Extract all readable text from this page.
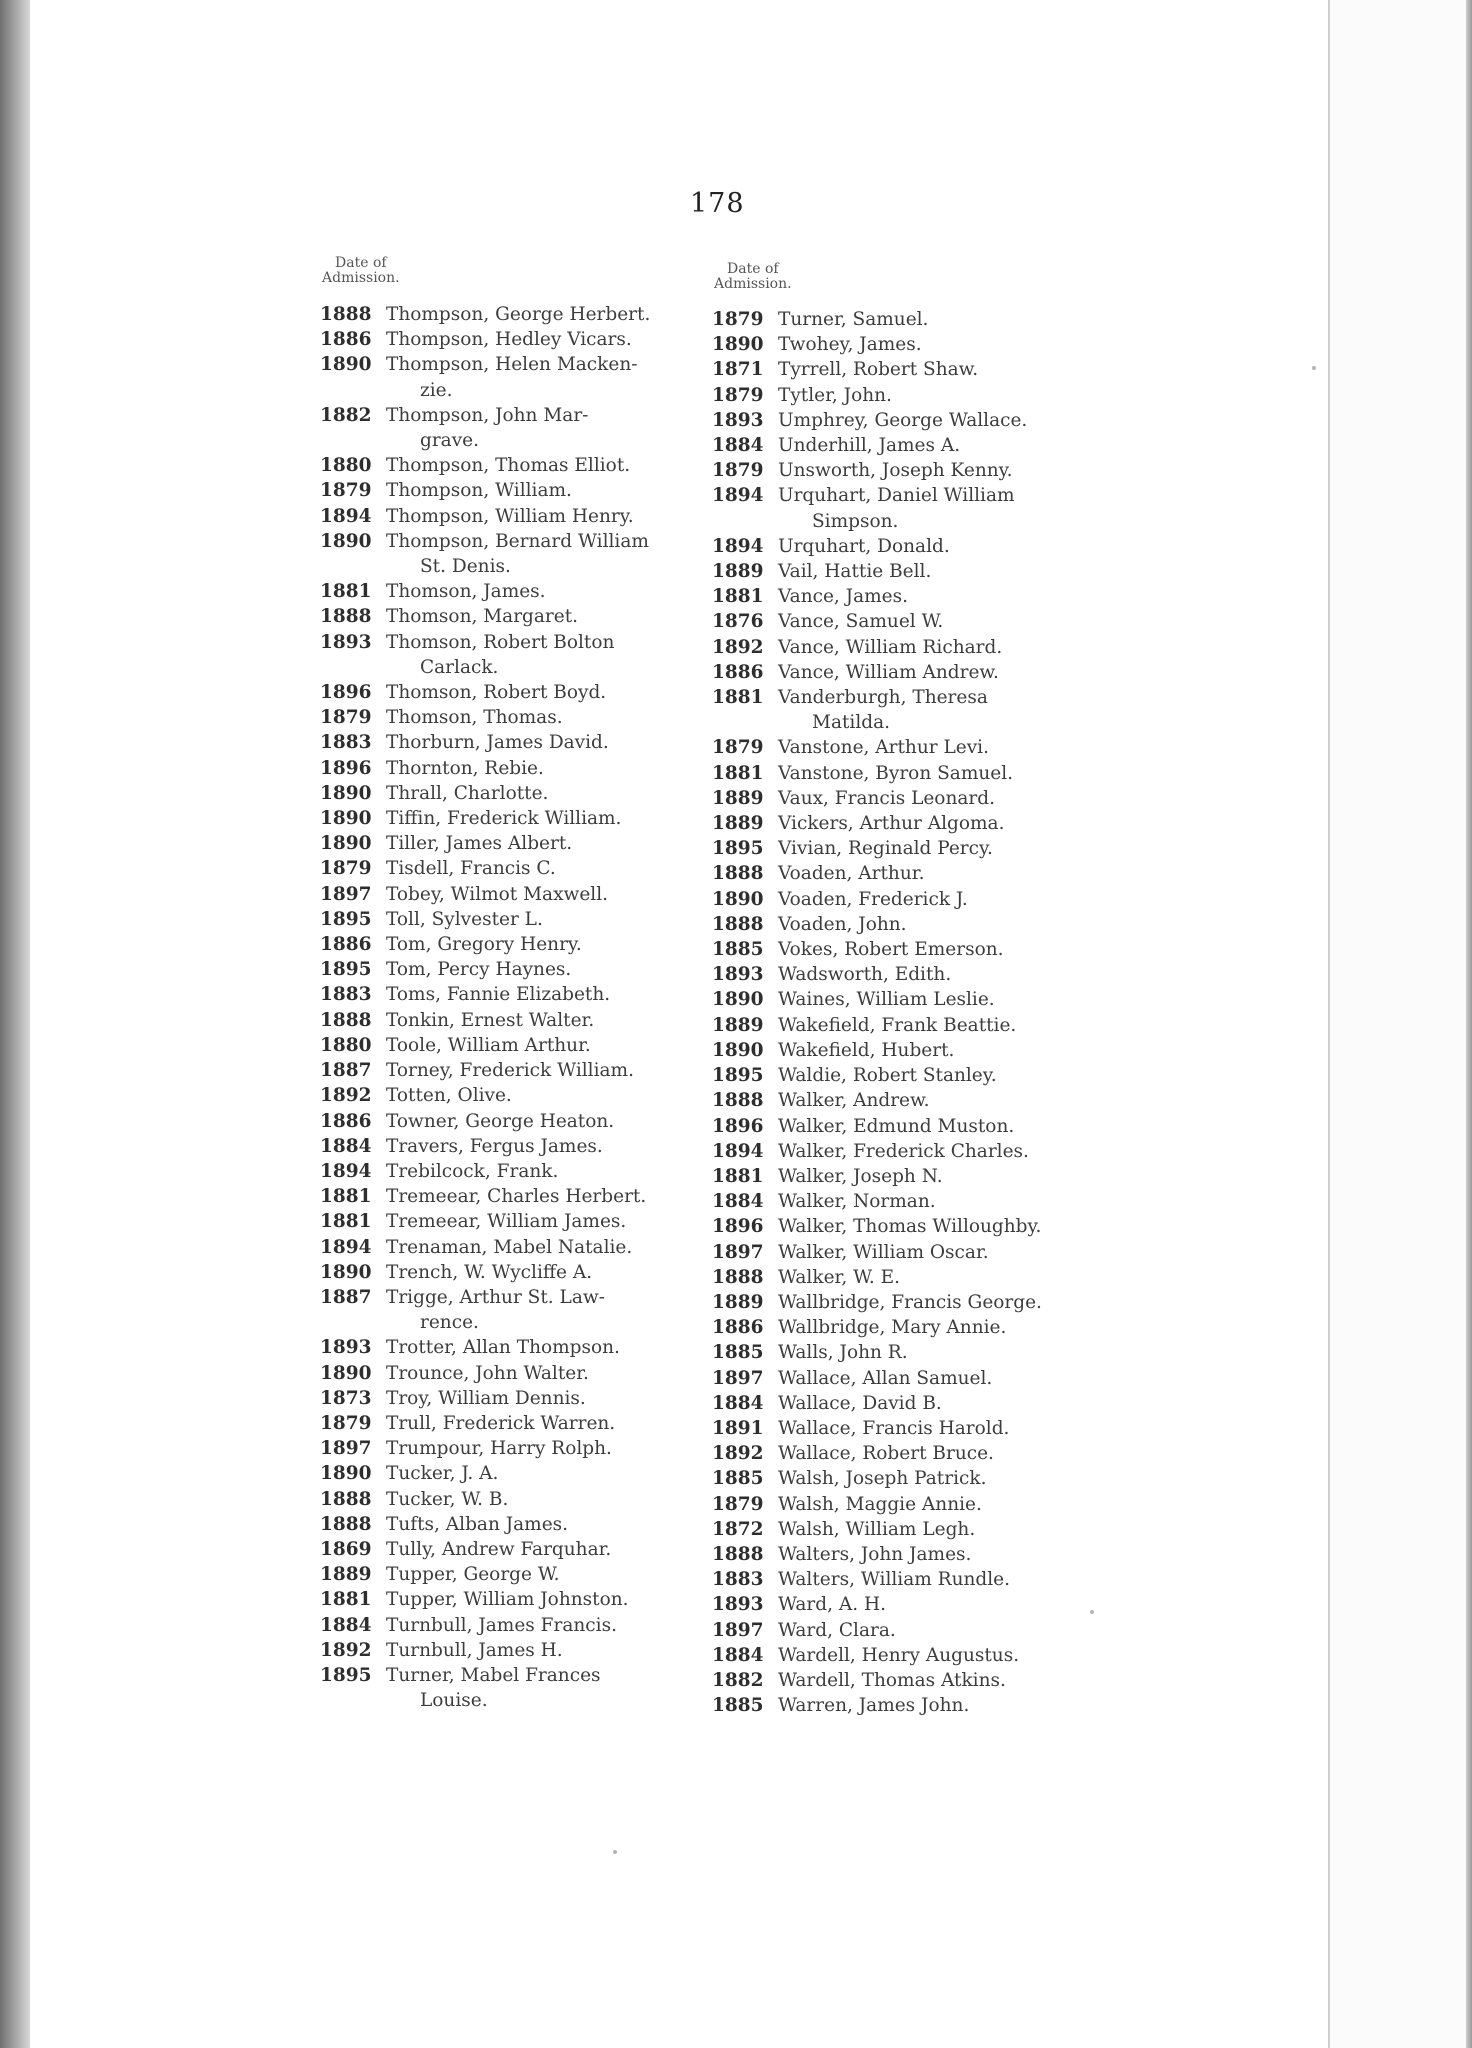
178
Date of
Admission.
Date of
Admission.
1888 Thompson, George Herbert.
1886 Thompson, Hedley Vicars.
1890 Thompson, Helen Macken-
zie.
1882 Thompson, John Mar-
grave.
1880 Thompson, Thomas Elliot.
1879 Thompson, William.
1894 Thompson, William Henry.
1890 Thompson, Bernard William
St. Denis.
1881 Thomson, James.
1888 Thomson, Margaret.
1893 Thomson, Robert Bolton
Carlack.
1896 Thomson, Robert Boyd.
1879 Thomson, Thomas.
1883 Thorburn, James David.
1896 Thornton, Rebie.
1890 Thrall, Charlotte.
1890 Tiffin, Frederick William.
1890 Tiller, James Albert.
1879 Tisdell, Francis C.
1897 Tobey, Wilmot Maxwell.
1895 Toll, Sylvester L.
1886 Tom, Gregory Henry.
1895 Tom, Percy Haynes.
1883 Toms, Fannie Elizabeth.
1888 Tonkin, Ernest Walter.
1880 Toole, William Arthur.
1887 Torney, Frederick William.
1892 Totten, Olive.
1886 Towner, George Heaton.
1884 Travers, Fergus James.
1894 Trebilcock, Frank.
1881 Tremeear, Charles Herbert.
1881 Tremeear, William James.
1894 Trenaman, Mabel Natalie.
1890 Trench, W. Wycliffe A.
1887 Trigge, Arthur St. Law-
rence.
1893 Trotter, Allan Thompson.
1890 Trounce, John Walter.
1873 Troy, William Dennis.
1879 Trull, Frederick Warren.
1897 Trumpour, Harry Rolph.
1890 Tucker, J. A.
1888 Tucker, W. B.
1888 Tufts, Alban James.
1869 Tully, Andrew Farquhar.
1889 Tupper, George W.
1881 Tupper, William Johnston.
1884 Turnbull, James Francis.
1892 Turnbull, James H.
1895 Turner, Mabel Frances
Louise.
1879 Turner, Samuel.
1890 Twohey, James.
1871 Tyrrell, Robert Shaw.
1879 Tytler, John.
1893 Umphrey, George Wallace.
1884 Underhill, James A.
1879 Unsworth, Joseph Kenny.
1894 Urquhart, Daniel William
Simpson.
1894 Urquhart, Donald.
1889 Vail, Hattie Bell.
1881 Vance, James.
1876 Vance, Samuel W.
1892 Vance, William Richard.
1886 Vance, William Andrew.
1881 Vanderburgh, Theresa
Matilda.
1879 Vanstone, Arthur Levi.
1881 Vanstone, Byron Samuel.
1889 Vaux, Francis Leonard.
1889 Vickers, Arthur Algoma.
1895 Vivian, Reginald Percy.
1888 Voaden, Arthur.
1890 Voaden, Frederick J.
1888 Voaden, John.
1885 Vokes, Robert Emerson.
1893 Wadsworth, Edith.
1890 Waines, William Leslie.
1889 Wakefield, Frank Beattie.
1890 Wakefield, Hubert.
1895 Waldie, Robert Stanley.
1888 Walker, Andrew.
1896 Walker, Edmund Muston.
1894 Walker, Frederick Charles.
1881 Walker, Joseph N.
1884 Walker, Norman.
1896 Walker, Thomas Willoughby.
1897 Walker, William Oscar.
1888 Walker, W. E.
1889 Wallbridge, Francis George.
1886 Wallbridge, Mary Annie.
1885 Walls, John R.
1897 Wallace, Allan Samuel.
1884 Wallace, David B.
1891 Wallace, Francis Harold.
1892 Wallace, Robert Bruce.
1885 Walsh, Joseph Patrick.
1879 Walsh, Maggie Annie.
1872 Walsh, William Legh.
1888 Walters, John James.
1883 Walters, William Rundle.
1893 Ward, A. H.
1897 Ward, Clara.
1884 Wardell, Henry Augustus.
1882 Wardell, Thomas Atkins.
1885 Warren, James John.
